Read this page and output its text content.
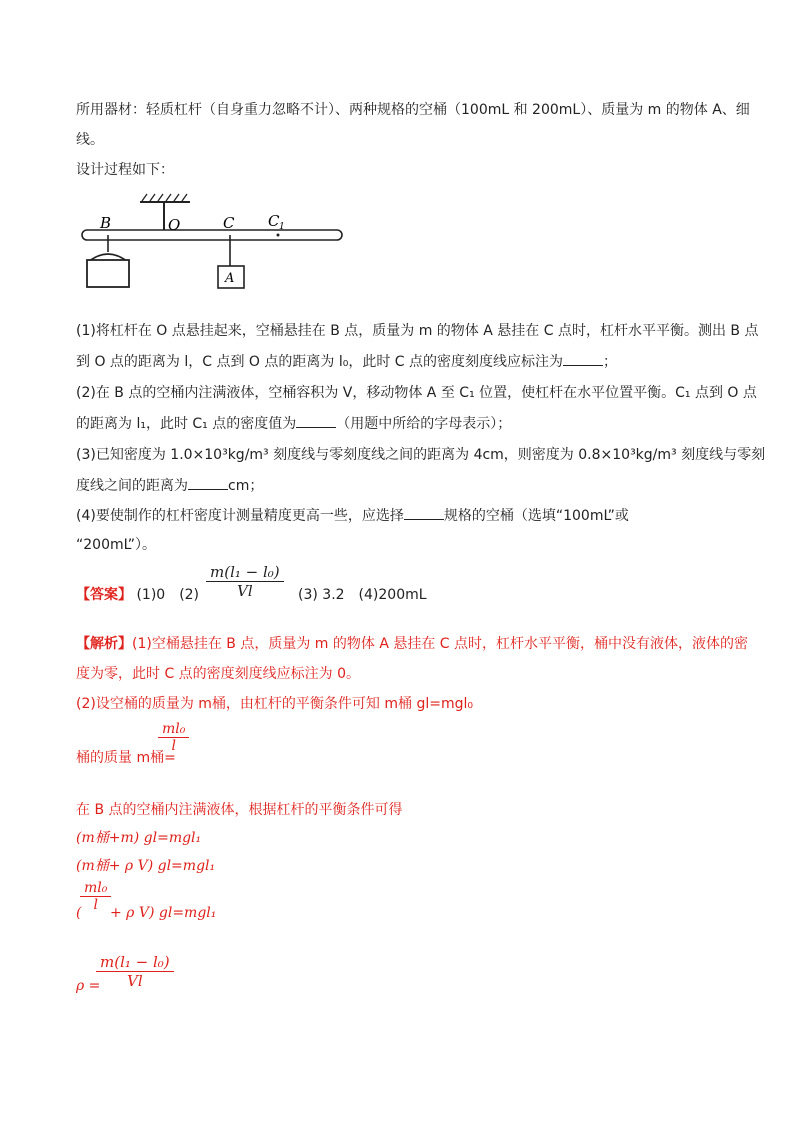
所用器材：轻质杠杆（自身重力忽略不计）、两种规格的空桶（100mL 和 200mL）、质量为 m 的物体 A、细
线。
设计过程如下：
B	O	C C 1
A
(1)将杠杆在 O 点悬挂起来，空桶悬挂在 B 点，质量为 m 的物体 A 悬挂在 C 点时，杠杆水平平衡。测出 B 点
到 O 点的距离为 l，C 点到 O 点的距离为 l₀，此时 C 点的密度刻度线应标注为	；
(2)在 B 点的空桶内注满液体，空桶容积为 V，移动物体 A 至 C₁ 位置，使杠杆在水平位置平衡。C₁ 点到 O 点
的距离为 l₁，此时 C₁ 点的密度值为	（用题中所给的字母表示）；
(3)已知密度为 1.0×10³kg/m³ 刻度线与零刻度线之间的距离为 4cm，则密度为 0.8×10³kg/m³ 刻度线与零刻
度线之间的距离为	cm；
(4)要使制作的杠杆密度计测量精度更高一些，应选择	规格的空桶（选填“100mL”或
“200mL”）。
【答案】 (1)0　(2)
m(l₁ − l₀)
Vl	(3) 3.2　(4)200mL
【解析】(1)空桶悬挂在 B 点，质量为 m 的物体 A 悬挂在 C 点时，杠杆水平平衡，桶中没有液体，液体的密
度为零，此时 C 点的密度刻度线应标注为 0。
(2)设空桶的质量为 m桶，由杠杆的平衡条件可知 m桶 gl=mgl₀
桶的质量 m桶=
ml₀
l
在 B 点的空桶内注满液体，根据杠杆的平衡条件可得
(m桶+m) gl=mgl₁
(m桶+ ρ V) gl=mgl₁
ml₀
l
( + ρ V) gl=mgl₁
ρ =
m(l₁ − l₀)
Vl
